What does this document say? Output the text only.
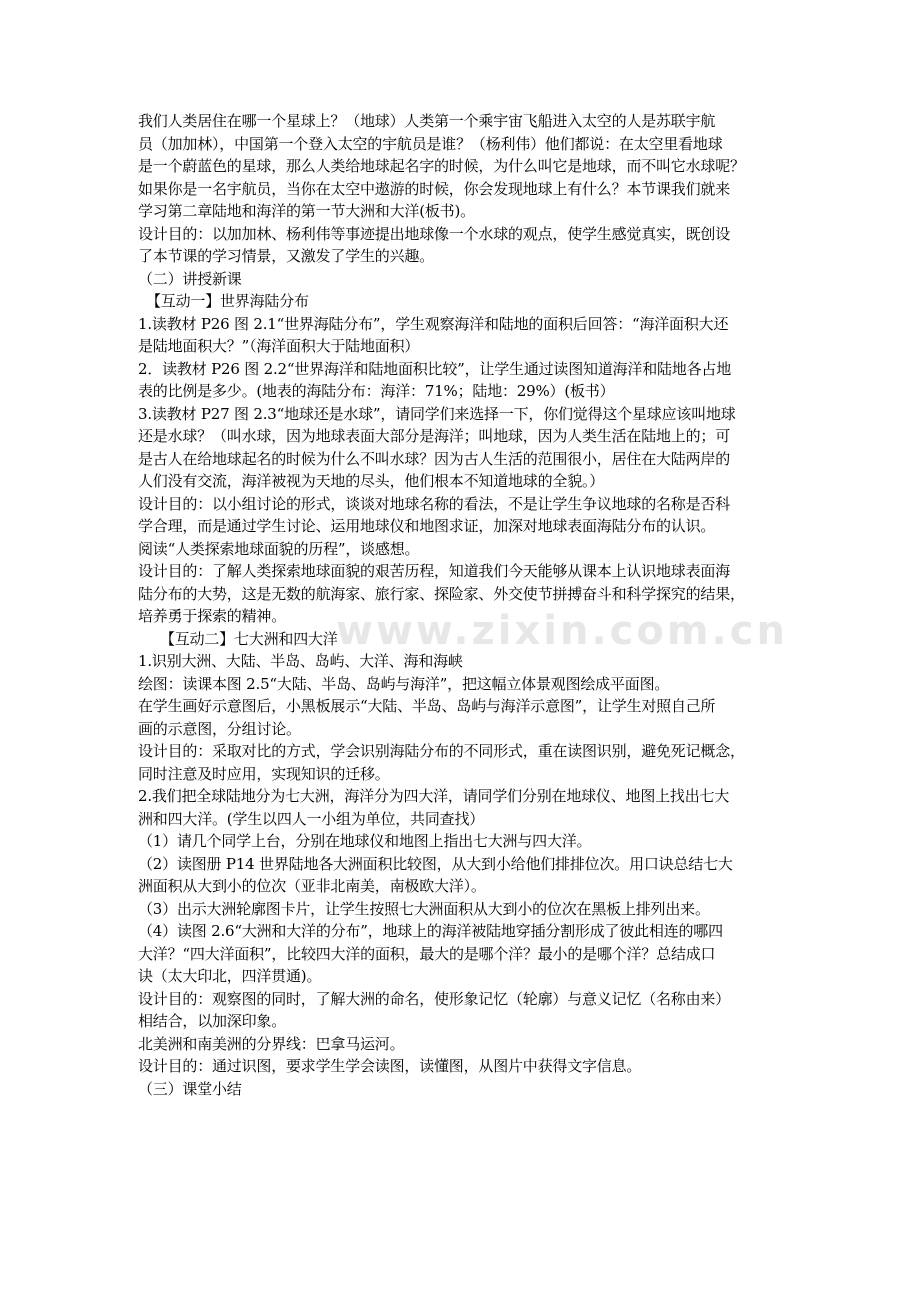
我们人类居住在哪一个星球上？（地球）人类第一个乘宇宙飞船进入太空的人是苏联宇航
员（加加林），中国第一个登入太空的宇航员是谁？（杨利伟）他们都说：在太空里看地球
是一个蔚蓝色的星球，那么人类给地球起名字的时候，为什么叫它是地球，而不叫它水球呢？
如果你是一名宇航员，当你在太空中遨游的时候，你会发现地球上有什么？本节课我们就来
学习第二章陆地和海洋的第一节大洲和大洋(板书)。
设计目的：以加加林、杨利伟等事迹提出地球像一个水球的观点，使学生感觉真实，既创设
了本节课的学习情景，又激发了学生的兴趣。
（二）讲授新课
【互动一】世界海陆分布
1.读教材 P26 图 2.1“世界海陆分布”，学生观察海洋和陆地的面积后回答：“海洋面积大还
是陆地面积大？”（海洋面积大于陆地面积）
2．读教材 P26 图 2.2“世界海洋和陆地面积比较”，让学生通过读图知道海洋和陆地各占地
表的比例是多少。(地表的海陆分布：海洋：71%；陆地：29%）(板书）
3.读教材 P27 图 2.3“地球还是水球”，请同学们来选择一下，你们觉得这个星球应该叫地球
还是水球？（叫水球，因为地球表面大部分是海洋；叫地球，因为人类生活在陆地上的；可
是古人在给地球起名的时候为什么不叫水球？因为古人生活的范围很小，居住在大陆两岸的
人们没有交流，海洋被视为天地的尽头，他们根本不知道地球的全貌。）
设计目的：以小组讨论的形式，谈谈对地球名称的看法，不是让学生争议地球的名称是否科
学合理，而是通过学生讨论、运用地球仪和地图求证，加深对地球表面海陆分布的认识。
阅读“人类探索地球面貌的历程”，谈感想。
设计目的：了解人类探索地球面貌的艰苦历程，知道我们今天能够从课本上认识地球表面海
陆分布的大势，这是无数的航海家、旅行家、探险家、外交使节拼搏奋斗和科学探究的结果，
培养勇于探索的精神。
【互动二】七大洲和四大洋
1.识别大洲、大陆、半岛、岛屿、大洋、海和海峡
绘图：读课本图 2.5“大陆、半岛、岛屿与海洋”，把这幅立体景观图绘成平面图。
在学生画好示意图后，小黑板展示“大陆、半岛、岛屿与海洋示意图”，让学生对照自己所
画的示意图，分组讨论。
设计目的：采取对比的方式，学会识别海陆分布的不同形式，重在读图识别，避免死记概念，
同时注意及时应用，实现知识的迁移。
2.我们把全球陆地分为七大洲，海洋分为四大洋，请同学们分别在地球仪、地图上找出七大
洲和四大洋。(学生以四人一小组为单位，共同查找）
（1）请几个同学上台，分别在地球仪和地图上指出七大洲与四大洋。
（2）读图册 P14 世界陆地各大洲面积比较图，从大到小给他们排排位次。用口诀总结七大
洲面积从大到小的位次（亚非北南美，南极欧大洋）。
（3）出示大洲轮廓图卡片，让学生按照七大洲面积从大到小的位次在黑板上排列出来。
（4）读图 2.6“大洲和大洋的分布”，地球上的海洋被陆地穿插分割形成了彼此相连的哪四
大洋？“四大洋面积”，比较四大洋的面积，最大的是哪个洋？最小的是哪个洋？总结成口
诀（太大印北，四洋贯通)。
设计目的：观察图的同时，了解大洲的命名，使形象记忆（轮廓）与意义记忆（名称由来）
相结合，以加深印象。
北美洲和南美洲的分界线：巴拿马运河。
设计目的：通过识图，要求学生学会读图，读懂图，从图片中获得文字信息。
（三）课堂小结
www.zixin.com.cn
